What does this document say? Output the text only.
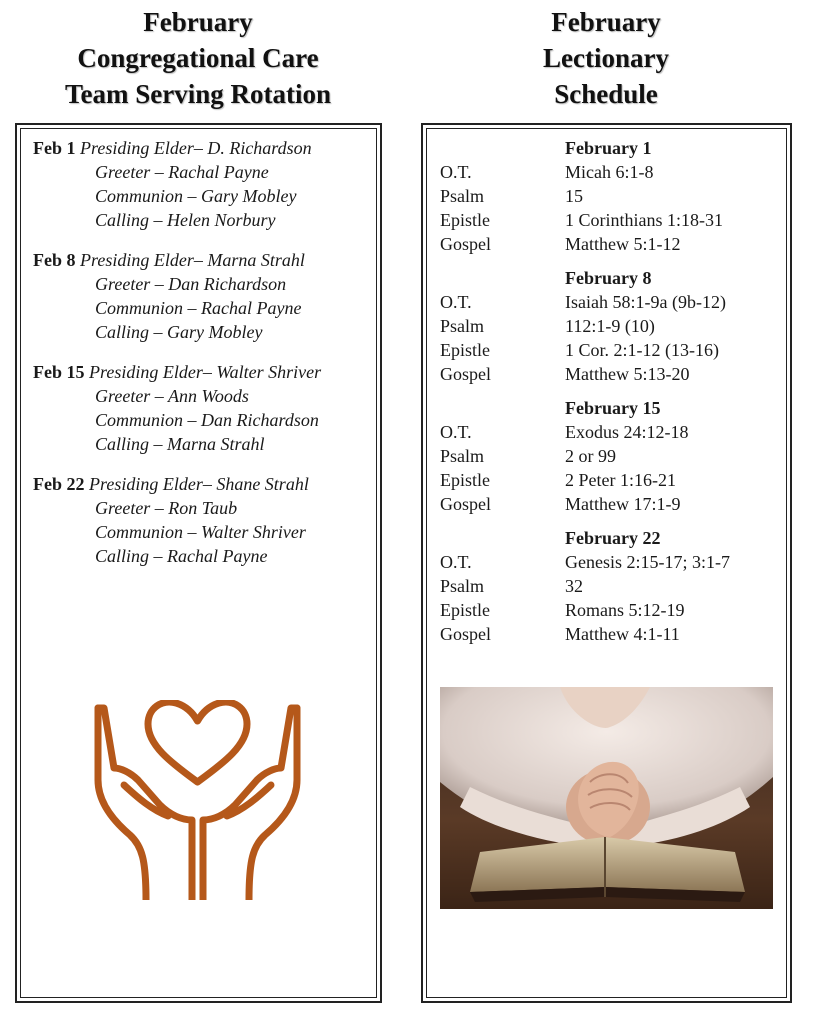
February
Congregational Care
Team Serving Rotation
February
Lectionary
Schedule
Feb 1 Presiding Elder– D. Richardson
Greeter – Rachal Payne
Communion – Gary Mobley
Calling – Helen Norbury
Feb 8 Presiding Elder– Marna Strahl
Greeter – Dan Richardson
Communion – Rachal Payne
Calling – Gary Mobley
Feb 15 Presiding Elder– Walter Shriver
Greeter – Ann Woods
Communion – Dan Richardson
Calling – Marna Strahl
Feb 22 Presiding Elder– Shane Strahl
Greeter – Ron Taub
Communion – Walter Shriver
Calling – Rachal Payne
February 1
O.T.	Micah 6:1-8
Psalm	15
Epistle	1 Corinthians 1:18-31
Gospel	Matthew 5:1-12
February 8
O.T.	Isaiah 58:1-9a (9b-12)
Psalm	112:1-9 (10)
Epistle	1 Cor. 2:1-12 (13-16)
Gospel	Matthew 5:13-20
February 15
O.T.	Exodus 24:12-18
Psalm	2 or 99
Epistle	2 Peter 1:16-21
Gospel	Matthew 17:1-9
February 22
O.T.	Genesis 2:15-17; 3:1-7
Psalm	32
Epistle	Romans 5:12-19
Gospel	Matthew 4:1-11
